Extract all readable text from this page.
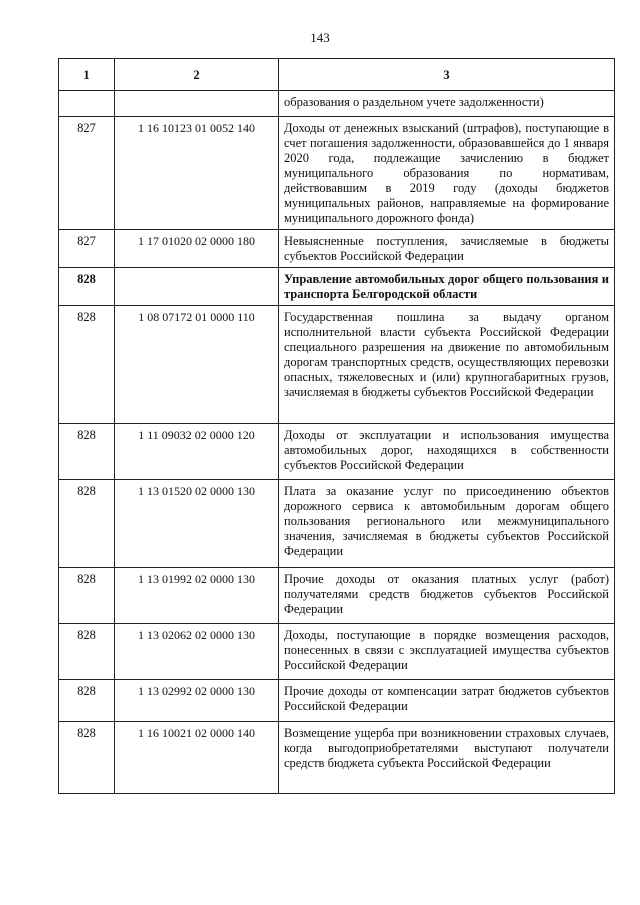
143
1	2	3
		образования о раздельном учете задолженности)
827	1 16 10123 01 0052 140	Доходы от денежных взысканий (штрафов), поступающие в счет погашения задолженности, образовавшейся до 1 января 2020 года, подлежащие зачислению в бюджет муниципального образования по нормативам, действовавшим в 2019 году (доходы бюджетов муниципальных районов, направляемые на формирование муниципального дорожного фонда)
827	1 17 01020 02 0000 180	Невыясненные поступления, зачисляемые в бюджеты субъектов Российской Федерации
828		Управление автомобильных дорог общего пользования и транспорта Белгородской области
828	1 08 07172 01 0000 110	Государственная пошлина за выдачу органом исполнительной власти субъекта Российской Федерации специального разрешения на движение по автомобильным дорогам транспортных средств, осуществляющих перевозки опасных, тяжеловесных и (или) крупногабаритных грузов, зачисляемая в бюджеты субъектов Российской Федерации
828	1 11 09032 02 0000 120	Доходы от эксплуатации и использования имущества автомобильных дорог, находящихся в собственности субъектов Российской Федерации
828	1 13 01520 02 0000 130	Плата за оказание услуг по присоединению объектов дорожного сервиса к автомобильным дорогам общего пользования регионального или межмуниципального значения, зачисляемая в бюджеты субъектов Российской Федерации
828	1 13 01992 02 0000 130	Прочие доходы от оказания платных услуг (работ) получателями средств бюджетов субъектов Российской Федерации
828	1 13 02062 02 0000 130	Доходы, поступающие в порядке возмещения расходов, понесенных в связи с эксплуатацией имущества субъектов Российской Федерации
828	1 13 02992 02 0000 130	Прочие доходы от компенсации затрат бюджетов субъектов Российской Федерации
828	1 16 10021 02 0000 140	Возмещение ущерба при возникновении страховых случаев, когда выгодоприобретателями выступают получатели средств бюджета субъекта Российской Федерации
